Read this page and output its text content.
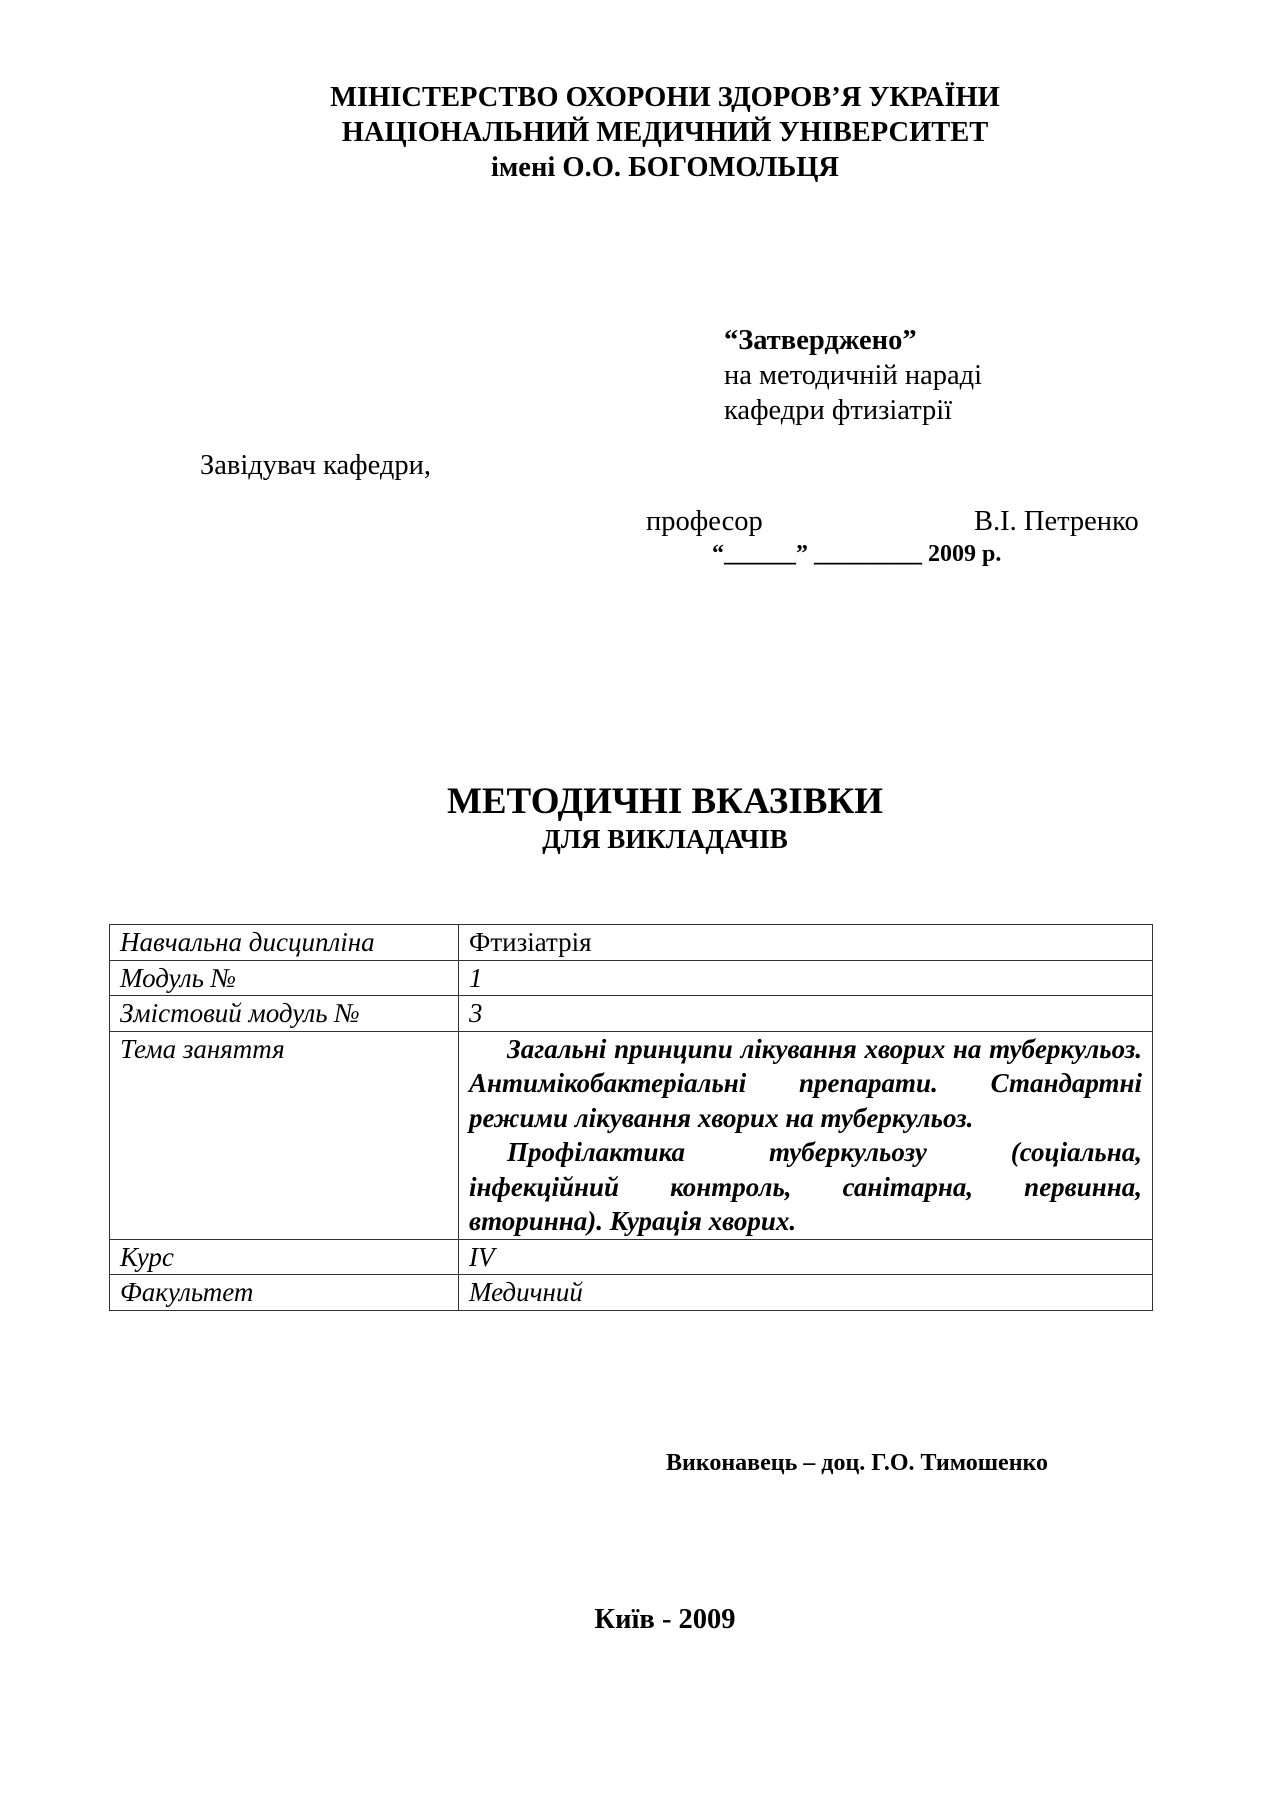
МІНІСТЕРСТВО ОХОРОНИ ЗДОРОВ’Я УКРАЇНИ
НАЦІОНАЛЬНИЙ МЕДИЧНИЙ УНІВЕРСИТЕТ
імені О.О. БОГОМОЛЬЦЯ
“Затверджено”
на методичній нараді
кафедри фтизіатрії
Завідувач кафедри,
професор	В.І. Петренко
“______” _________ 2009 р.
МЕТОДИЧНІ ВКАЗІВКИ
ДЛЯ ВИКЛАДАЧІВ
Навчальна дисципліна	Фтизіатрія
Модуль №	1
Змістовий модуль №	3
Тема заняття	Загальні принципи лікування хворих на туберкульоз. Антимікобактеріальні препарати. Стандартні режими лікування хворих на туберкульоз.

Профілактика туберкульозу (соціальна, інфекційний контроль, санітарна, первинна, вторинна). Курація хворих.

Курс	IV
Факультет	Медичний
Виконавець – доц. Г.О. Тимошенко
Київ - 2009
